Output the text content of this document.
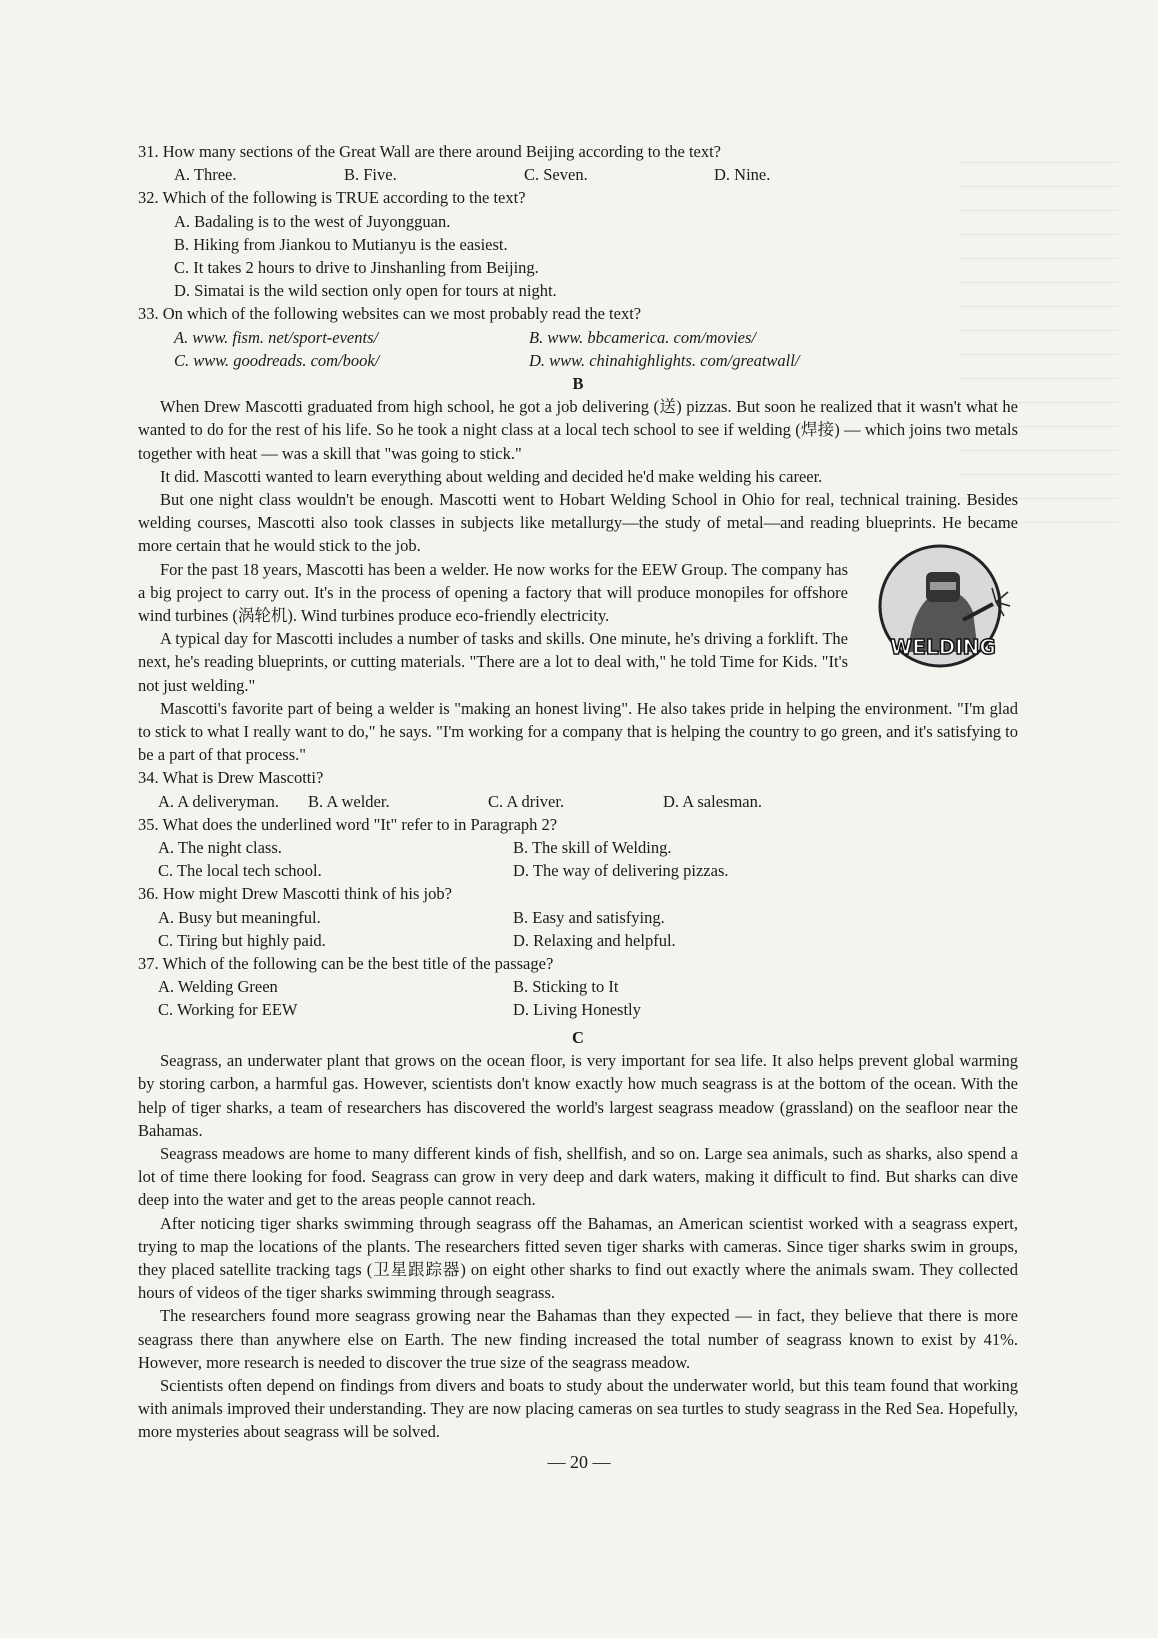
31. How many sections of the Great Wall are there around Beijing according to the text?

A. Three.	B. Five.	C. Seven.	D. Nine.

32. Which of the following is TRUE according to the text?

A. Badaling is to the west of Juyongguan.

B. Hiking from Jiankou to Mutianyu is the easiest.

C. It takes 2 hours to drive to Jinshanling from Beijing.

D. Simatai is the wild section only open for tours at night.

33. On which of the following websites can we most probably read the text?

A. www. fism. net/sport-events/	B. www. bbcamerica. com/movies/
C. www. goodreads. com/book/	D. www. chinahighlights. com/greatwall/

B

When Drew Mascotti graduated from high school, he got a job delivering (送) pizzas. But soon he realized that it wasn't what he wanted to do for the rest of his life. So he took a night class at a local tech school to see if welding (焊接) — which joins two metals together with heat — was a skill that "was going to stick."

It did. Mascotti wanted to learn everything about welding and decided he'd make welding his career.

But one night class wouldn't be enough. Mascotti went to Hobart Welding School in Ohio for real, technical training. Besides welding courses, Mascotti also took classes in subjects like metallurgy—the study of metal—and reading blueprints. He became more certain that he would stick to the job.

For the past 18 years, Mascotti has been a welder. He now works for the EEW Group. The company has a big project to carry out. It's in the process of opening a factory that will produce monopiles for offshore wind turbines (涡轮机). Wind turbines produce eco-friendly electricity.

A typical day for Mascotti includes a number of tasks and skills. One minute, he's driving a forklift. The next, he's reading blueprints, or cutting materials. "There are a lot to deal with," he told Time for Kids. "It's not just welding."

Mascotti's favorite part of being a welder is "making an honest living". He also takes pride in helping the environment. "I'm glad to stick to what I really want to do," he says. "I'm working for a company that is helping the country to go green, and it's satisfying to be a part of that process."

WELDING

34. What is Drew Mascotti?

A. A deliveryman.	B. A welder.	C. A driver.	D. A salesman.

35. What does the underlined word "It" refer to in Paragraph 2?

A. The night class.	B. The skill of Welding.
C. The local tech school.	D. The way of delivering pizzas.

36. How might Drew Mascotti think of his job?

A. Busy but meaningful.	B. Easy and satisfying.
C. Tiring but highly paid.	D. Relaxing and helpful.

37. Which of the following can be the best title of the passage?

A. Welding Green	B. Sticking to It
C. Working for EEW	D. Living Honestly

C

Seagrass, an underwater plant that grows on the ocean floor, is very important for sea life. It also helps prevent global warming by storing carbon, a harmful gas. However, scientists don't know exactly how much seagrass is at the bottom of the ocean. With the help of tiger sharks, a team of researchers has discovered the world's largest seagrass meadow (grassland) on the seafloor near the Bahamas.

Seagrass meadows are home to many different kinds of fish, shellfish, and so on. Large sea animals, such as sharks, also spend a lot of time there looking for food. Seagrass can grow in very deep and dark waters, making it difficult to find. But sharks can dive deep into the water and get to the areas people cannot reach.

After noticing tiger sharks swimming through seagrass off the Bahamas, an American scientist worked with a seagrass expert, trying to map the locations of the plants. The researchers fitted seven tiger sharks with cameras. Since tiger sharks swim in groups, they placed satellite tracking tags (卫星跟踪器) on eight other sharks to find out exactly where the animals swam. They collected hours of videos of the tiger sharks swimming through seagrass.

The researchers found more seagrass growing near the Bahamas than they expected — in fact, they believe that there is more seagrass there than anywhere else on Earth. The new finding increased the total number of seagrass known to exist by 41%. However, more research is needed to discover the true size of the seagrass meadow.

Scientists often depend on findings from divers and boats to study about the underwater world, but this team found that working with animals improved their understanding. They are now placing cameras on sea turtles to study seagrass in the Red Sea. Hopefully, more mysteries about seagrass will be solved.

— 20 —
